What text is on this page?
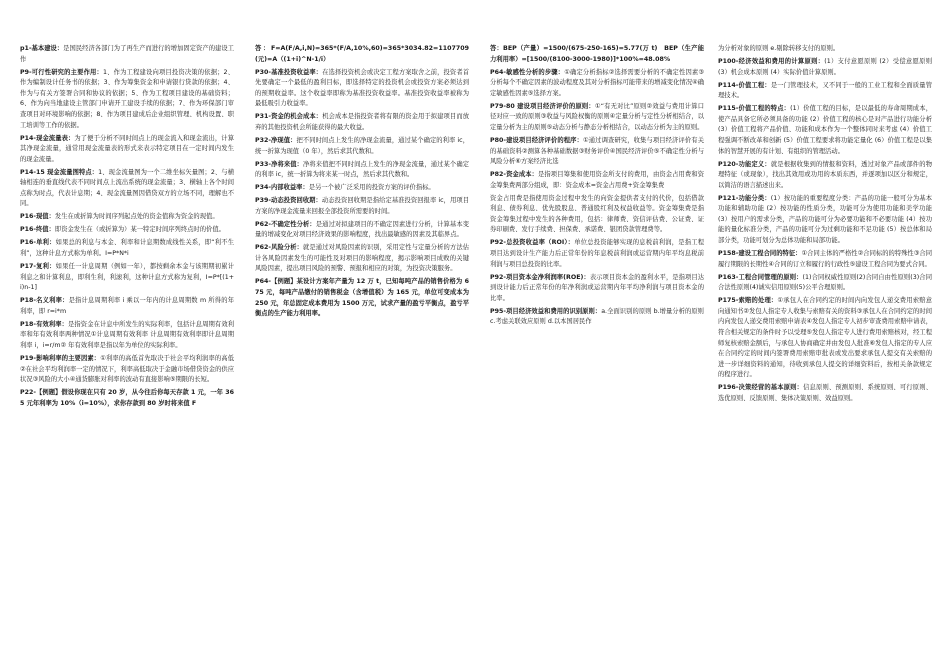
p1-基本建设：是国民经济各部门为了再生产而进行的增加固定资产的建设工作

P9-可行性研究的主要作用：1、作为工程建设向项目投资决策的依据；2、作为编制设计任务书的依据；3、作为筹集资金和申请银行贷款的依据；4、作为与有关方签署合同和协议的依据；5、作为工程项目建设的基础资料；6、作为向当地建设主管部门申请开工建设手续的依据；7、作为环保部门审查项目对环境影响的依据；8、作为项目建成后企业组织管理、机构设置、职工培训等工作的依据。

P14-现金流量表：为了便于分析不同时间点上的现金流入和现金流出，计算其净现金流量，通常用现金流量表的形式来表示特定项目在一定时间内发生的现金流量。

P14-15 现金流量图特点：1、现金流量图为一个二维坐标矢量图；2、与横轴相连的垂直线代表不同时间点上流出系统的现金流量；3、横轴上各个时间点称为时点，代表计息期；4、现金流量图因借贷双方的立场不同，理解也不同。

P16-现值：发生在或折算为时间序列起点处的资金值称为资金的现值。

P16-终值：即资金发生在（或折算为）某一特定时间序列终点时的价值。

P16-单利：如果总的利息与本金、利率和计息期数成线性关系，即“利不生利”，这种计息方式称为单利。I=P*N*i

P17-复利：如果任一计息周期（例如一年），都按剩余本金与该期期初累计利息之和计算利息，即利生利，利滚利，这种计息方式称为复利，I=P*[(1+i)n-1]

P18-名义利率：是指计息周期利率 i 乘以一年内的计息周期数 m 所得的年利率，即 r=i*m

P18-有效利率：是指资金在计息中所发生的实际利率，包括计息周期有效利率和年有效利率两种情况①计息周期有效利率 计息周期有效利率即计息周期利率 i，i=r/m② 年有效利率是指以年为单位的实际利率。

P19-影响利率的主要因素：①利率的高低首先取决于社会平均利润率的高低②在社会平均利润率一定的情况下，利率高低取决于金融市场借贷资金的供应状况③风险的大小④通货膨胀对利率的波动有直接影响⑤期限的长短。

P22-【例题】假设你现在只有 20 岁，从今往后你每天存款 1 元，一年 365 元年利率为 10%（i=10%），求你存款到 80 岁时将来值 F

答：F=A(F/A,i,N)=365*(F/A,10%,60)=365*3034.82=1107709(元)=A（(1+i)^N-1/i）

P30-基准投资收益率：在选择投资机会或决定工程方案取舍之前，投资者首先要确定一个最低的盈利目标，即选择特定的投资机会或投资方案必须达到的预期收益率。这个收益率即称为基准投资收益率。基准投资收益率被称为最低吸引力收益率。

P31-资金的机会成本：机会成本是指投资者将有限的资金用于拟建项目而放弃的其他投资机会所能获得的最大收益。

P32-净现值：把不同时间点上发生的净现金流量，通过某个确定的利率 ic，统一折算为现值（0 年），然后求其代数和。

P33-净将来值：净将来值把不同时间点上发生的净现金流量，通过某个确定的利率 ic，统一折算为将来某一时点，然后求其代数和。

P34-内部收益率：是另一个被广泛采用的投资方案的评价指标。

P39-动态投资回收期：动态投资回收期是指给定基准投资回报率 ic，用项目方案的净现金流量来回报全部投资所需要的时间。

P62-不确定性分析：是通过对拟建项目的不确定因素进行分析，计算基本变量的增减变化对项目经济效果的影响程度，找出最敏感的因素及其临界点。

P62-风险分析：就是通过对风险因素的识别，采用定性与定量分析的方法估计各风险因素发生的可能性及对项目的影响程度，揭示影响项目成败的关键风险因素，提出项目风险的预警、预报和相应的对策，为投资决策服务。

P64-【例题】某设计方案年产量为 12 万 t，已知每吨产品的销售价格为 675 元，每吨产品缴付的销售税金（含增值税）为 165 元，单位可变成本为 250 元，年总固定成本费用为 1500 万元，试求产量的盈亏平衡点，盈亏平衡点的生产能力利用率。

答：BEP（产量）=1500/(675-250-165)=5.77(万 t)　BEP（生产能力利用率）=[1500/(8100-3000-1980)]*100%=48.08%

P64-敏感性分析的步骤：①确定分析指标②选择需要分析的不确定性因素③分析每个不确定因素的波动程度及其对分析指标可能带来的增减变化情况④确定敏感性因素⑤选择方案。

P79-80 建设项目经济评价的原则：①“有无对比”原则②效益与费用计算口径对应一致的原则③收益与风险权衡的原则④定量分析与定性分析相结合，以定量分析为主的原则⑤动态分析与静态分析相结合，以动态分析为主的原则。

P80-建设项目经济评价的程序：①通过调查研究，收集与项目经济评价有关的基础资料②测算各种基础数据③财务评价④国民经济评价⑤不确定性分析与风险分析⑥方案经济比选

P82-资金成本：是指项目筹集和使用资金所支付的费用，由资金占用费和资金筹集费两部分组成，即：资金成本=资金占用费+资金筹集费

资金占用费是指使用资金过程中发生的向资金提供者支付的代价，包括借款利息、债券利息、优先股股息、普通股红利及权益收益等。资金筹集费是指资金筹集过程中发生的各种费用，包括：律师费、资信评估费、公证费、证券印刷费、发行手续费、担保费、承诺费、银团贷款管理费等。

P92-总投资收益率（ROI）：单位总投资能够实现的息税前利润，是指工程项目达到设计生产能力后正常年份的年息税前利润或运营期内年平均息税前利润与项目总投资的比率。

P92-项目资本金净利润率(ROE)：表示项目资本金的盈利水平，是指项目达到设计能力后正常年份的年净利润或运营期内年平均净利润与项目资本金的比率。

P95-项目经济效益和费用的识别原则：a.全面识别的原则 b.增量分析的原则 c.考虑关联效应原则 d.以本国居民作

为分析对象的原则 e.剔除转移支付的原则。

P100-经济效益和费用的计算原则：(1）支付意愿原则 (2）受偿意愿原则 (3）机会成本原则 (4）实际价值计算原则。

P114-价值工程：是一门管理技术，又不同于一般的工业工程和全面质量管理技术。

P115-价值工程的特点：(1）价值工程的目标，是以最低的寿命周期成本，使产品具备它所必须具备的功能 (2）价值工程的核心是对产品进行功能分析 (3）价值工程将产品价值、功能和成本作为一个整体同时来考虑 (4）价值工程强调不断改革和创新 (5）价值工程要求将功能定量化 (6）价值工程是以集体的智慧开展的有计划、有组织的管理活动。

P120-功能定义：就是根据收集到的情报和资料，透过对象产品或部件的物理特征（或现象），找出其效用或功用的本质东西，并逐项加以区分和规定，以简洁的语言描述出来。

P121-功能分类：(1）按功能的重要程度分类：产品的功能一般可分为基本功能和辅助功能 (2）按功能的性质分类，功能可分为使用功能和美学功能 (3）按用户的需求分类，产品的功能可分为必要功能和不必要功能 (4）按功能的量化标准分类，产品的功能可分为过剩功能和不足功能 (5）按总体和局部分类，功能可划分为总体功能和局部功能。

P158-建设工程合同的特征：①合同主体的严格性②合同标的的特殊性③合同履行期限的长期性④合同的订立和履行的行政性⑤建设工程合同为要式合同。

P163-工程合同管理的原则：(1)合同权威性原则(2)合同自由性原则(3)合同合法性原则(4)诚实信用原则(5)公平合理原则。

P175-索赔的处理：①承包人在合同约定的时间内向发包人递交费用索赔意向通知书②发包人指定专人收集与索赔有关的资料③承包人在合同约定的时间内向发包人递交费用索赔申请表④发包人指定专人初步审查费用索赔申请表，符合相关规定的条件时予以受理⑤发包人指定专人进行费用索赔核对，经工程师复核索赔金额后，与承包人协商确定并由发包人批准⑥发包人指定的专人应在合同约定的时间内签署费用索赔审批表或发出要求承包人提交有关索赔的进一步详细资料的通知，待收到承包人提交的详细资料后，按相关条款规定的程序进行。

P196-决策经营的基本原则：信息原则、预测原则、系统原则、可行原则、选优原则、反馈原则、集体决策原则、效益原则。
